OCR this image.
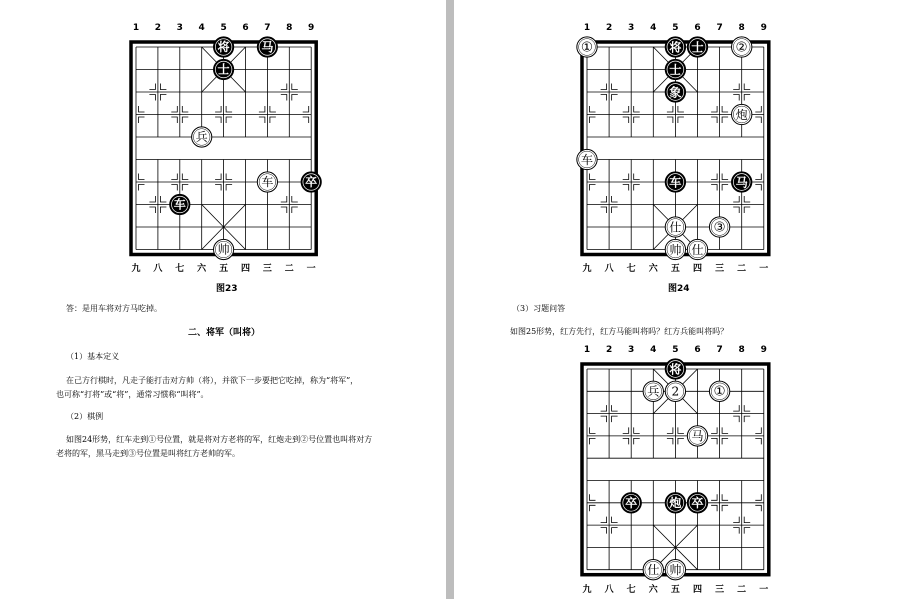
1	2	3	4	5	6	7	8	9
将	马
士
兵
车	卒
车
帅
九	八	七	六	五	四	三	二	一
图23
答：是用车将对方马吃掉。
二、将军（叫将）
（1）基本定义
在己方行棋时，凡走子能打击对方帅（将），并欲下一步要把它吃掉，称为“将军”，
也可称“打将”或“将”，通常习惯称“叫将”。
（2）棋例
如图24形势，红车走到①号位置，就是将对方老将的军，红炮走到②号位置也叫将对方
老将的军，黑马走到③号位置是叫将红方老帅的军。
1	2	3	4	5	6	7	8	9
①	将 士 ②
士
象
炮
车
车	马
仕 ③
帅 仕
九	八	七	六	五	四	三	二	一
图24
（3）习题问答
如图25形势，红方先行，红方马能叫将吗？红方兵能叫将吗？
1	2	3	4	5	6	7	8	9
将
兵 2 ①
马
卒	炮 卒
仕 帅
九	八	七	六	五	四	三	二	一
